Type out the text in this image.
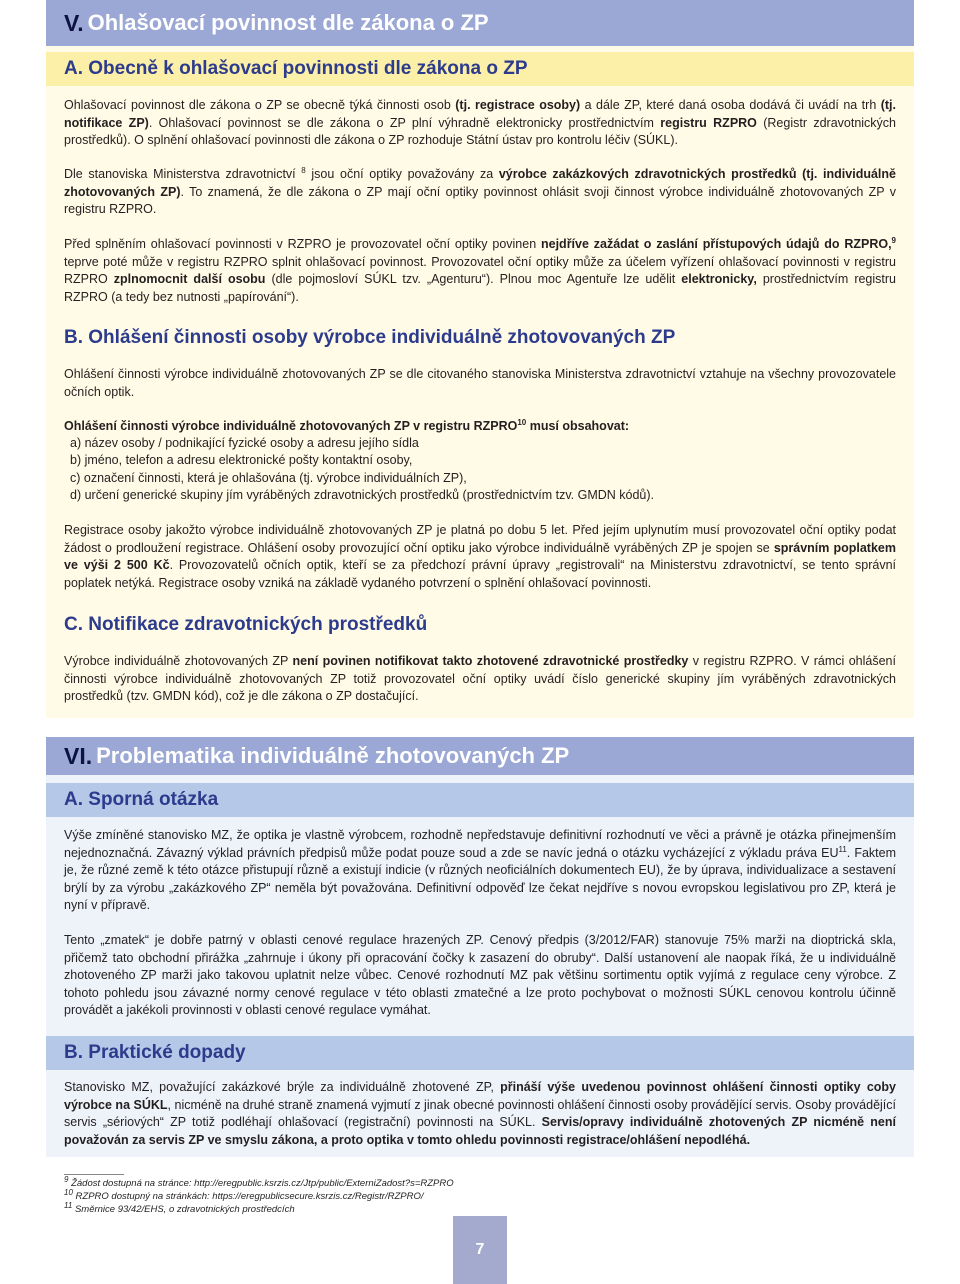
V. Ohlašovací povinnost dle zákona o ZP
A. Obecně k ohlašovací povinnosti dle zákona o ZP

Ohlašovací povinnost dle zákona o ZP se obecně týká činnosti osob (tj. registrace osoby) a dále ZP, které daná osoba dodává či uvádí na trh (tj. notifikace ZP). Ohlašovací povinnost se dle zákona o ZP plní výhradně elektronicky prostřednictvím registru RZPRO (Registr zdravotnických prostředků). O splnění ohlašovací povinnosti dle zákona o ZP rozhoduje Státní ústav pro kontrolu léčiv (SÚKL).

Dle stanoviska Ministerstva zdravotnictví $^8$ jsou oční optiky považovány za výrobce zakázkových zdravotnických prostředků (tj. individuálně zhotovovaných ZP). To znamená, že dle zákona o ZP mají oční optiky povinnost ohlásit svoji činnost výrobce individuálně zhotovovaných ZP v registru RZPRO.

Před splněním ohlašovací povinnosti v RZPRO je provozovatel oční optiky povinen nejdříve zažádat o zaslání přístupových údajů do RZPRO,$^9$ teprve poté může v registru RZPRO splnit ohlašovací povinnost. Provozovatel oční optiky může za účelem vyřízení ohlašovací povinnosti v registru RZPRO zplnomocnit další osobu (dle pojmosloví SÚKL tzv. „Agenturu“). Plnou moc Agentuře lze udělit elektronicky, prostřednictvím registru RZPRO (a tedy bez nutnosti „papírování“).

B. Ohlášení činnosti osoby výrobce individuálně zhotovovaných ZP

Ohlášení činnosti výrobce individuálně zhotovovaných ZP se dle citovaného stanoviska Ministerstva zdravotnictví vztahuje na všechny provozovatele očních optik.

Ohlášení činnosti výrobce individuálně zhotovovaných ZP v registru RZPRO$^{10}$ musí obsahovat:

a) název osoby / podnikající fyzické osoby a adresu jejího sídla
b) jméno, telefon a adresu elektronické pošty kontaktní osoby,
c) označení činnosti, která je ohlašována (tj. výrobce individuálních ZP),
d) určení generické skupiny jím vyráběných zdravotnických prostředků (prostřednictvím tzv. GMDN kódů).

Registrace osoby jakožto výrobce individuálně zhotovovaných ZP je platná po dobu 5 let. Před jejím uplynutím musí provozovatel oční optiky podat žádost o prodloužení registrace. Ohlášení osoby provozující oční optiku jako výrobce individuálně vyráběných ZP je spojen se správním poplatkem ve výši 2 500 Kč. Provozovatelů očních optik, kteří se za předchozí právní úpravy „registrovali“ na Ministerstvu zdravotnictví, se tento správní poplatek netýká. Registrace osoby vzniká na základě vydaného potvrzení o splnění ohlašovací povinnosti.

C. Notifikace zdravotnických prostředků

Výrobce individuálně zhotovovaných ZP není povinen notifikovat takto zhotovené zdravotnické prostředky v registru RZPRO. V rámci ohlášení činnosti výrobce individuálně zhotovovaných ZP totiž provozovatel oční optiky uvádí číslo generické skupiny jím vyráběných zdravotnických prostředků (tzv. GMDN kód), což je dle zákona o ZP dostačující.

VI. Problematika individuálně zhotovovaných ZP
A. Sporná otázka

Výše zmíněné stanovisko MZ, že optika je vlastně výrobcem, rozhodně nepředstavuje definitivní rozhodnutí ve věci a právně je otázka přinejmenším nejednoznačná. Závazný výklad právních předpisů může podat pouze soud a zde se navíc jedná o otázku vycházející z výkladu práva EU$^{11}$. Faktem je, že různé země k této otázce přistupují různě a existují indicie (v různých neoficiálních dokumentech EU), že by úprava, individualizace a sestavení brýlí by za výrobu „zakázkového ZP“ neměla být považována. Definitivní odpověď lze čekat nejdříve s novou evropskou legislativou pro ZP, která je nyní v přípravě.

Tento „zmatek“ je dobře patrný v oblasti cenové regulace hrazených ZP. Cenový předpis (3/2012/FAR) stanovuje 75% marži na dioptrická skla, přičemž tato obchodní přirážka „zahrnuje i úkony při opracování čočky k zasazení do obruby“. Další ustanovení ale naopak říká, že u individuálně zhotoveného ZP marži jako takovou uplatnit nelze vůbec. Cenové rozhodnutí MZ pak většinu sortimentu optik vyjímá z regulace ceny výrobce. Z tohoto pohledu jsou závazné normy cenové regulace v této oblasti zmatečné a lze proto pochybovat o možnosti SÚKL cenovou kontrolu účinně provádět a jakékoli provinnosti v oblasti cenové regulace vymáhat.

B. Praktické dopady

Stanovisko MZ, považující zakázkové brýle za individuálně zhotovené ZP, přináší výše uvedenou povinnost ohlášení činnosti optiky coby výrobce na SÚKL, nicméně na druhé straně znamená vyjmutí z jinak obecné povinnosti ohlášení činnosti osoby provádějící servis. Osoby provádějící servis „sériových“ ZP totiž podléhají ohlašovací (registrační) povinnosti na SÚKL. Servis/opravy individuálně zhotovených ZP nicméně není považován za servis ZP ve smyslu zákona, a proto optika v tomto ohledu povinnosti registrace/ohlášení nepodléhá.

$^9$ Žádost dostupná na stránce: http://eregpublic.ksrzis.cz/Jtp/public/ExterniZadost?s=RZPRO
$^{10}$ RZPRO dostupný na stránkách: https://eregpublicsecure.ksrzis.cz/Registr/RZPRO/
$^{11}$ Směrnice 93/42/EHS, o zdravotnických prostředcích
7
